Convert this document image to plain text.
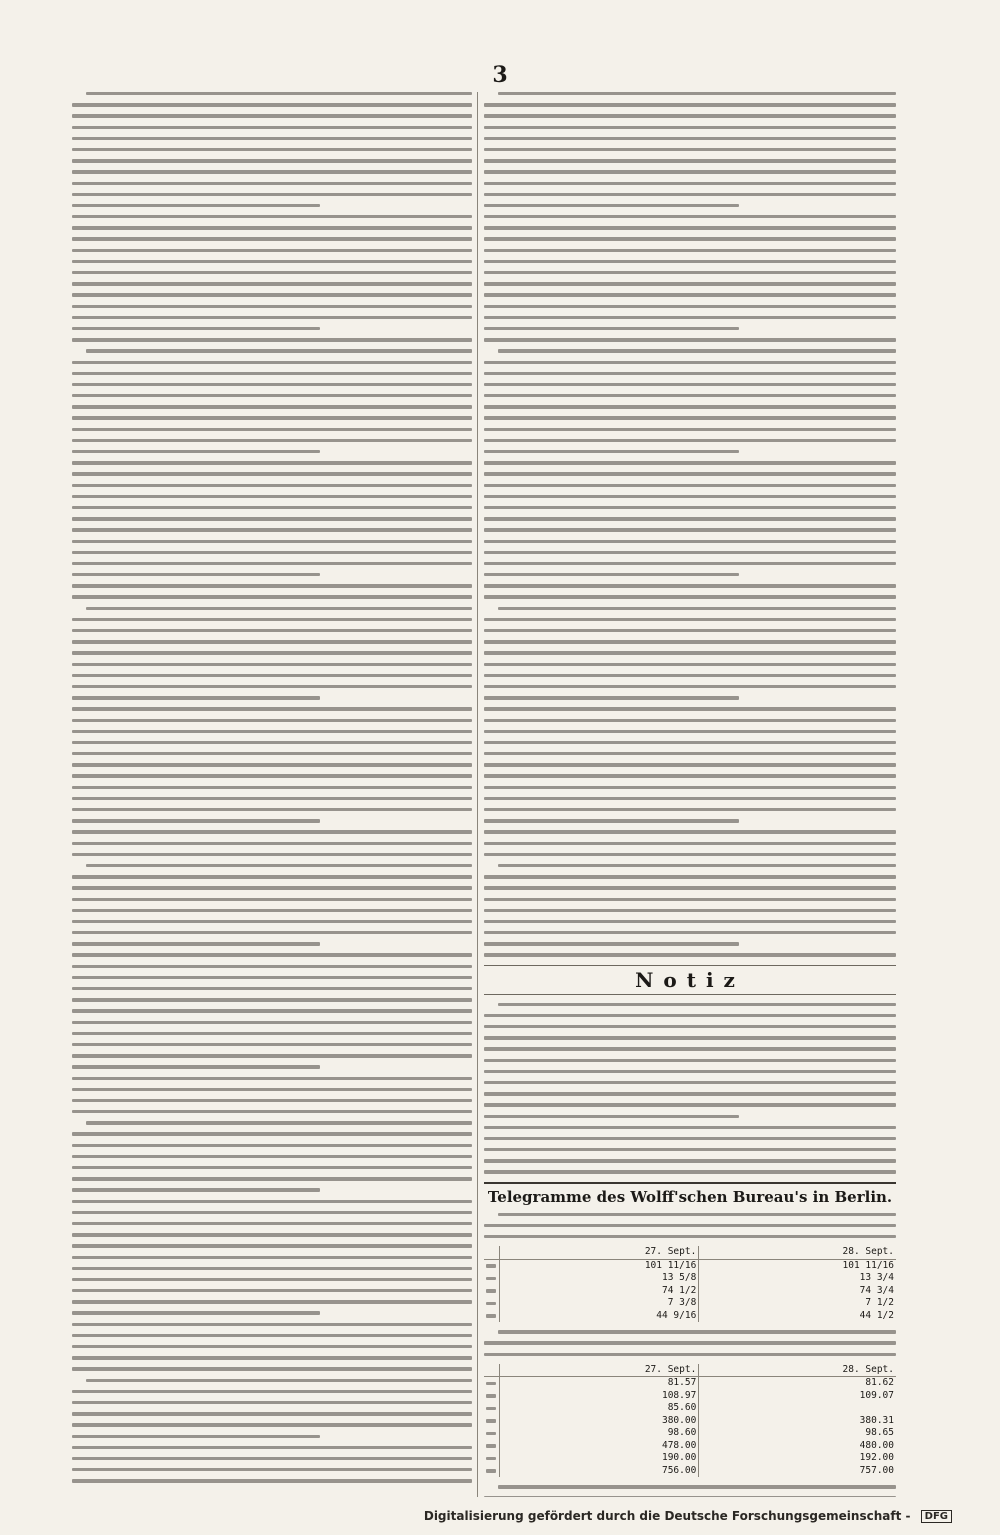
3
Notiz
Telegramme des Wolff'schen Bureau's in Berlin.
	27. Sept.	28. Sept.

	101 11/16	101 11/16

	13 5/8	13 3/4

	74 1/2	74 3/4

	7 3/8	7 1/2

	44 9/16	44 1/2
	27. Sept.	28. Sept.

	81.57	81.62

	108.97	109.07

	85.60	

	380.00	380.31

	98.60	98.65

	478.00	480.00

	190.00	192.00

	756.00	757.00
Digitalisierung gefördert durch die Deutsche Forschungsgemeinschaft - DFG
